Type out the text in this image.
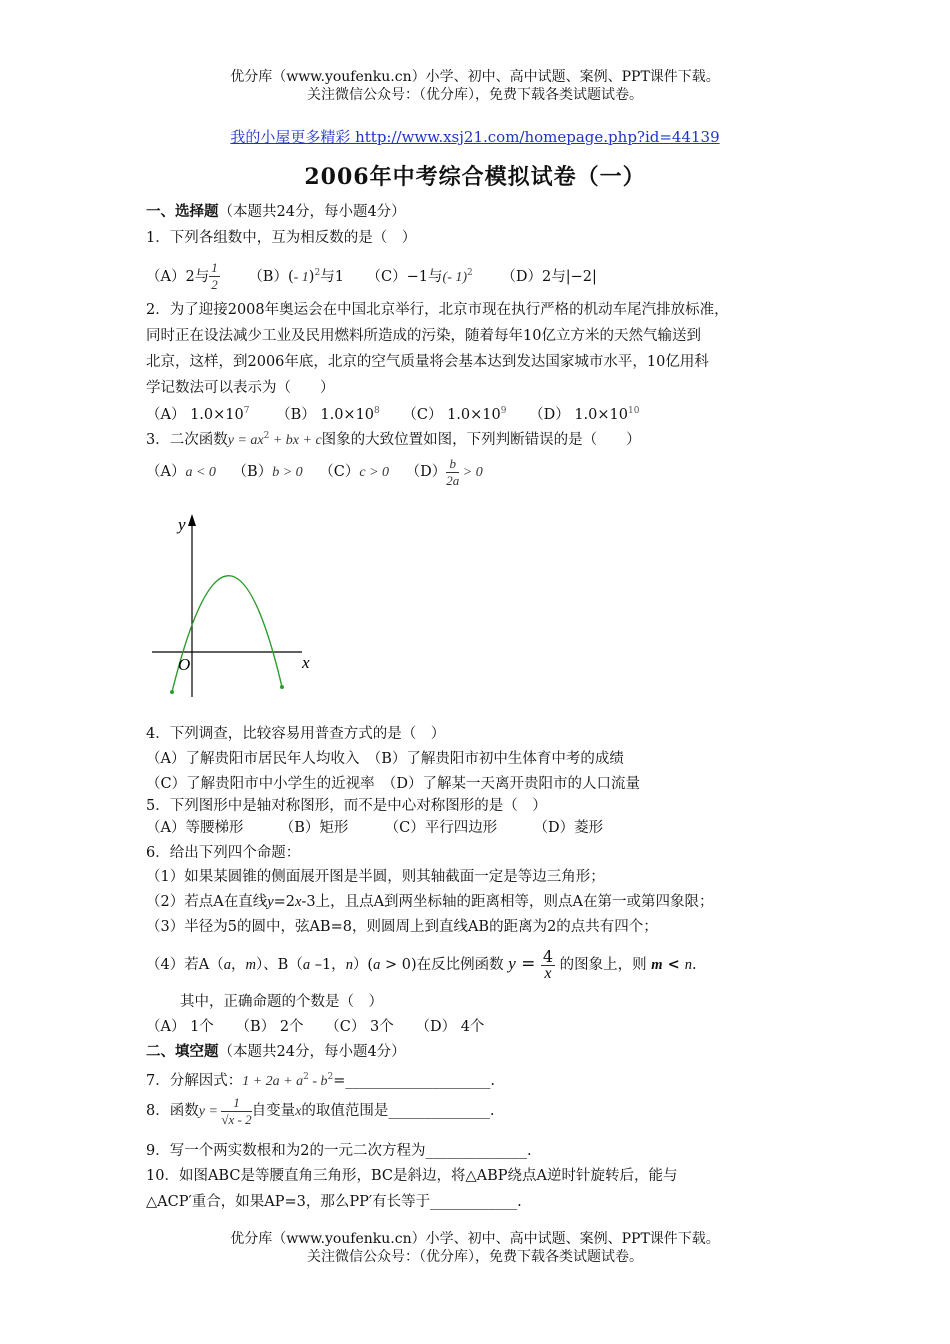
优分库（www.youfenku.cn）小学、初中、高中试题、案例、PPT课件下载。
关注微信公众号：（优分库），免费下载各类试题试卷。
我的小屋更多精彩 http://www.xsj21.com/homepage.php?id=44139
2006年中考综合模拟试卷（一）
一、选择题（本题共24分，每小题4分）
1．下列各组数中，互为相反数的是（　）
（A）2与 $\frac{1}{2} (B)(-$ 1)$^2$与1 （C）−1与(- 1)$^2$ （D）2与|−2|
2．为了迎接2008年奥运会在中国北京举行，北京市现在执行严格的机动车尾汽排放标准，
同时正在设法减少工业及民用燃料所造成的污染，随着每年10亿立方米的天然气输送到
北京，这样，到2006年底，北京的空气质量将会基本达到发达国家城市水平，10亿用科
学记数法可以表示为（　　）
（A） $1.0\times 10^7$ （B） $1.0\times 10^8$ （C） $1.0\times 10^9$ （D） $1.0\times 10^{10}$
3．二次函数$y = ax^2$ + bx + c图象的大致位置如图，下列判断错误的是（　　）
（A）a < 0 （B）b > 0 （C）c > 0 $(D) \frac{b}{2a} > 0$
y
x
O
4．下列调查，比较容易用普查方式的是（　）
（A）了解贵阳市居民年人均收入　（B）了解贵阳市初中生体育中考的成绩
（C）了解贵阳市中小学生的近视率　（D）了解某一天离开贵阳市的人口流量
5．下列图形中是轴对称图形，而不是中心对称图形的是（　）
（A）等腰梯形　　　（B）矩形　　　（C）平行四边形　　　（D）菱形
6．给出下列四个命题：
（1）如果某圆锥的侧面展开图是半圆，则其轴截面一定是等边三角形；
（2）若点A在直线y=2x-3上，且点A到两坐标轴的距离相等，则点A在第一或第四象限；
（3）半径为5的圆中，弦AB=8，则圆周上到直线AB的距离为2的点共有四个；
（4）若A（a，m）、B（a –1，n）(a > 0)在反比例函数 $y = \frac{4}{x}$ 的图象上，则 m < n.
其中，正确命题的个数是（　）
（A） 1个　　（B） 2个　　（C） 3个　　（D） 4个
二、填空题（本题共24分，每小题4分）
7．分解因式：$1 + 2a + a^2$ - $b^2=\_\_\_\_\_\_\_\_\_\_\_\_\_\_\_\_\_\_\_\_$.
8．函数$y = \frac{1}{√x - 2}$ 自变量x的取值范围是______________.
9．写一个两实数根和为2的一元二次方程为______________.
10．如图ABC是等腰直角三角形，BC是斜边，将△ABP绕点A逆时针旋转后，能与
△ACP′重合，如果AP=3，那么PP′有长等于____________.
优分库（www.youfenku.cn）小学、初中、高中试题、案例、PPT课件下载。
关注微信公众号：（优分库），免费下载各类试题试卷。
